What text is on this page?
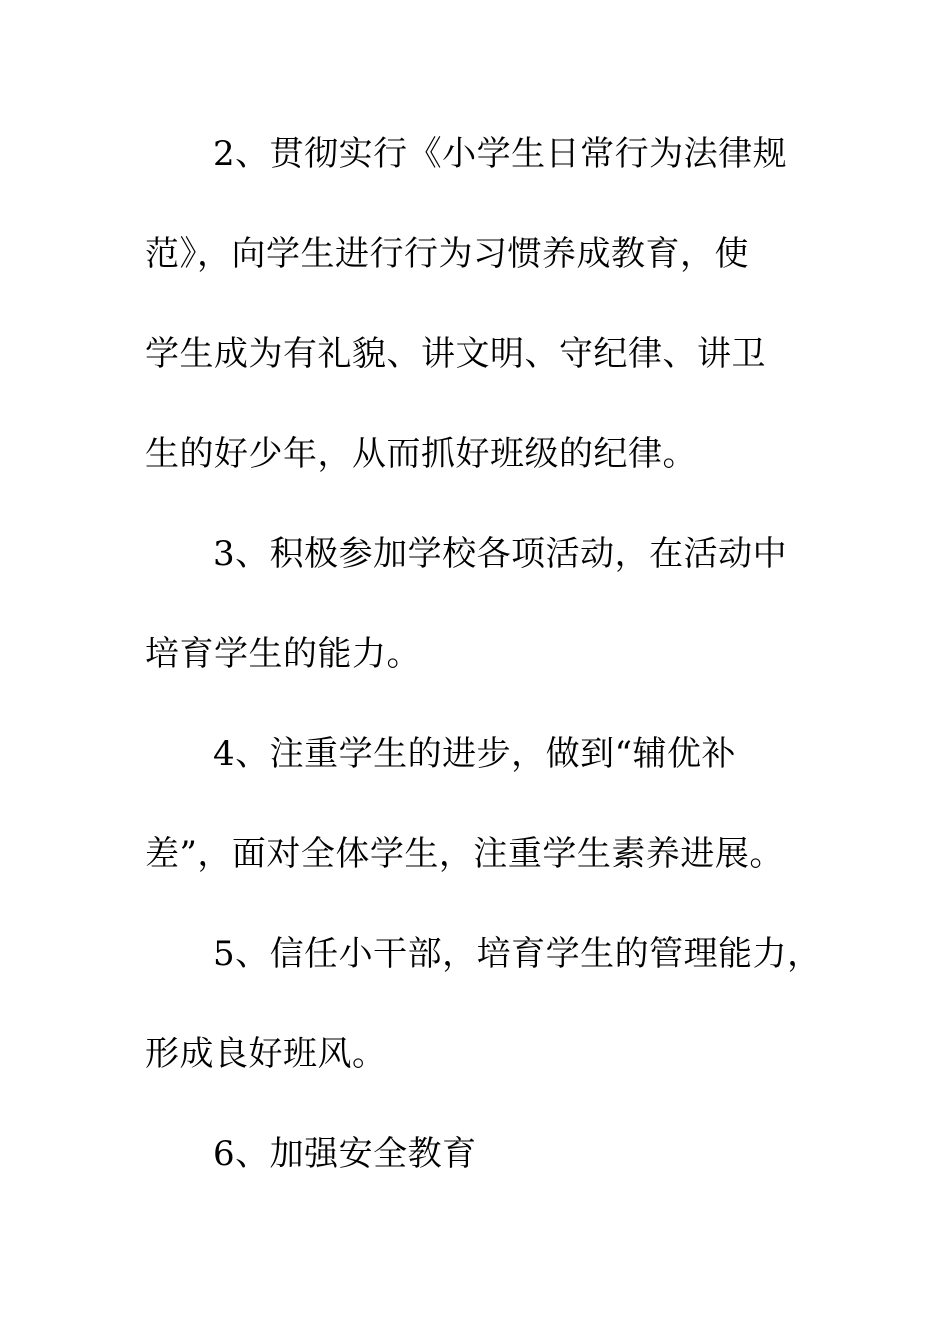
2、贯彻实行《小学生日常行为法律规
范》，向学生进行行为习惯养成教育，使
学生成为有礼貌、讲文明、守纪律、讲卫
生的好少年，从而抓好班级的纪律。
3、积极参加学校各项活动，在活动中
培育学生的能力。
4、注重学生的进步，做到“辅优补
差”，面对全体学生，注重学生素养进展。
5、信任小干部，培育学生的管理能力，
形成良好班风。
6、加强安全教育
